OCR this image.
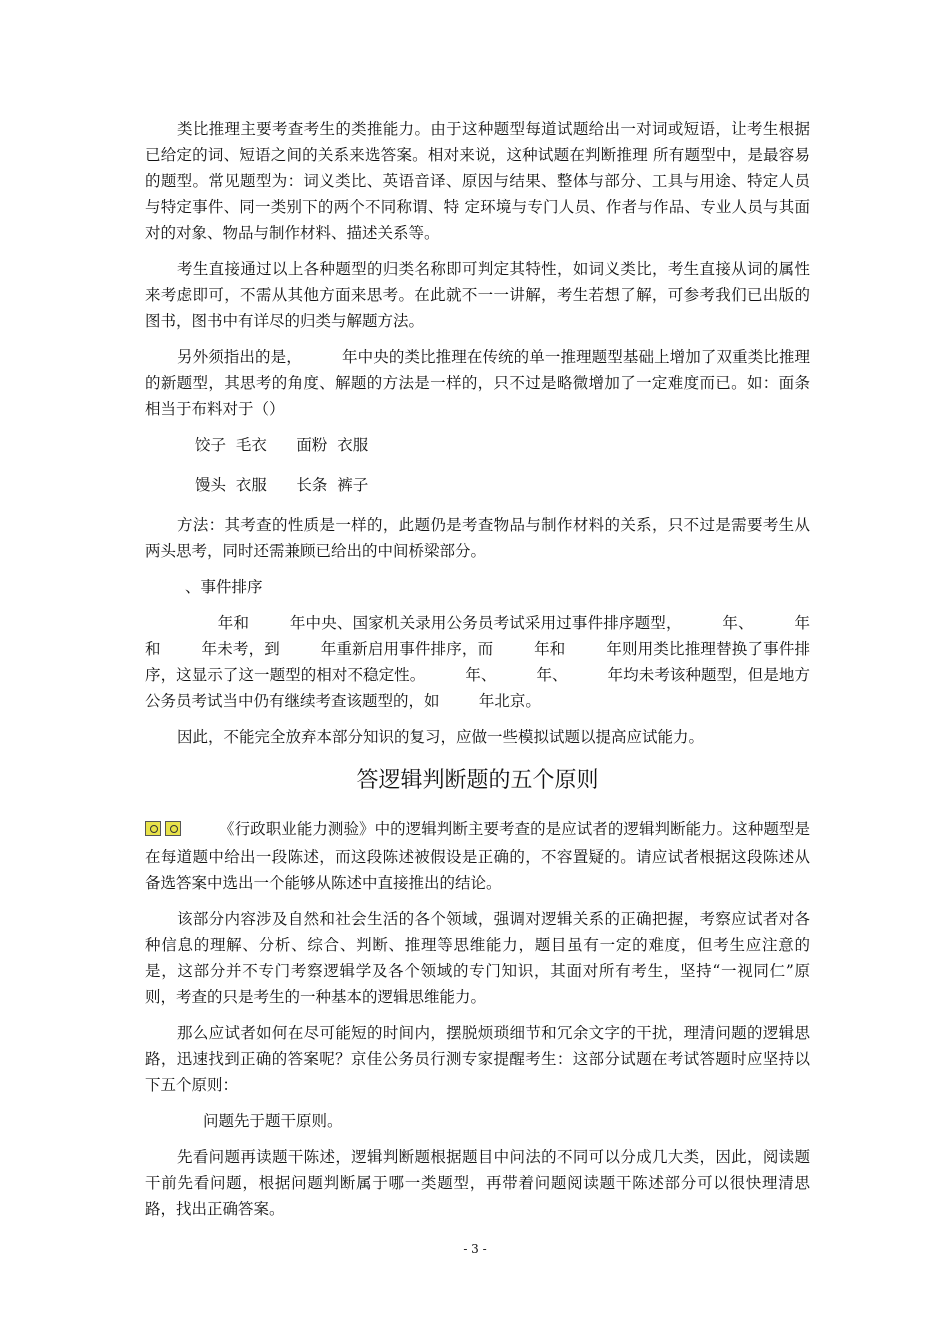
类比推理主要考查考生的类推能力。由于这种题型每道试题给出一对词或短语，让考生根据已给定的词、短语之间的关系来选答案。相对来说，这种试题在判断推理 所有题型中，是最容易的题型。常见题型为：词义类比、英语音译、原因与结果、整体与部分、工具与用途、特定人员与特定事件、同一类别下的两个不同称谓、特 定环境与专门人员、作者与作品、专业人员与其面对的对象、物品与制作材料、描述关系等。

考生直接通过以上各种题型的归类名称即可判定其特性，如词义类比，考生直接从词的属性来考虑即可，不需从其他方面来思考。在此就不一一讲解，考生若想了解，可参考我们已出版的图书，图书中有详尽的归类与解题方法。

另外须指出的是，        年中央的类比推理在传统的单一推理题型基础上增加了双重类比推理的新题型，其思考的角度、解题的方法是一样的，只不过是略微增加了一定难度而已。如：面条相当于布料对于（）

饺子  毛衣      面粉  衣服

馒头  衣服      长条  裤子

方法：其考查的性质是一样的，此题仍是考查物品与制作材料的关系，只不过是需要考生从两头思考，同时还需兼顾已给出的中间桥梁部分。

、事件排序

年和        年中央、国家机关录用公务员考试采用过事件排序题型，        年、        年和        年未考，到        年重新启用事件排序，而        年和        年则用类比推理替换了事件排序，这显示了这一题型的相对不稳定性。        年、        年、        年均未考该种题型，但是地方公务员考试当中仍有继续考查该题型的，如        年北京。

因此，不能完全放弃本部分知识的复习，应做一些模拟试题以提高应试能力。

答逻辑判断题的五个原则

《行政职业能力测验》中的逻辑判断主要考查的是应试者的逻辑判断能力。这种题型是在每道题中给出一段陈述，而这段陈述被假设是正确的，不容置疑的。请应试者根据这段陈述从备选答案中选出一个能够从陈述中直接推出的结论。

该部分内容涉及自然和社会生活的各个领域，强调对逻辑关系的正确把握，考察应试者对各种信息的理解、分析、综合、判断、推理等思维能力，题目虽有一定的难度，但考生应注意的是，这部分并不专门考察逻辑学及各个领域的专门知识，其面对所有考生，坚持“一视同仁”原则，考查的只是考生的一种基本的逻辑思维能力。

那么应试者如何在尽可能短的时间内，摆脱烦琐细节和冗余文字的干扰，理清问题的逻辑思路，迅速找到正确的答案呢？京佳公务员行测专家提醒考生：这部分试题在考试答题时应坚持以下五个原则：

问题先于题干原则。

先看问题再读题干陈述，逻辑判断题根据题目中问法的不同可以分成几大类，因此，阅读题干前先看问题，根据问题判断属于哪一类题型，再带着问题阅读题干陈述部分可以很快理清思路，找出正确答案。

- 3 -
